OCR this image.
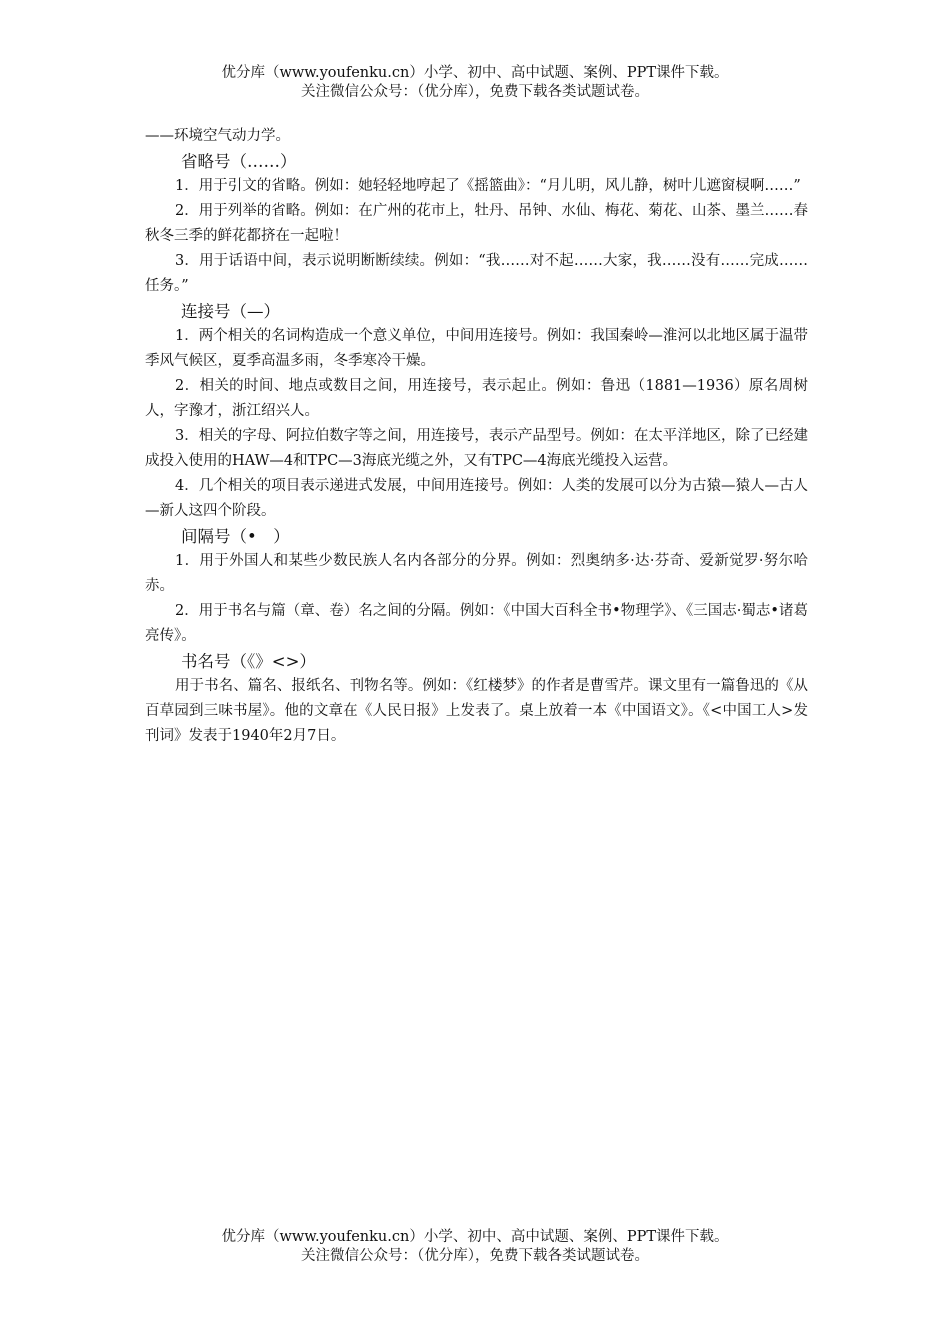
优分库（www.youfenku.cn）小学、初中、高中试题、案例、PPT课件下载。
关注微信公众号：（优分库），免费下载各类试题试卷。

——环境空气动力学。

省略号（……）

1．用于引文的省略。例如：她轻轻地哼起了《摇篮曲》：“月儿明，风儿静，树叶儿遮窗棂啊……”

2．用于列举的省略。例如：在广州的花市上，牡丹、吊钟、水仙、梅花、菊花、山茶、墨兰……春秋冬三季的鲜花都挤在一起啦！

3．用于话语中间，表示说明断断续续。例如：“我……对不起……大家，我……没有……完成……任务。”

连接号（—）

1．两个相关的名词构造成一个意义单位，中间用连接号。例如：我国秦岭—淮河以北地区属于温带季风气候区，夏季高温多雨，冬季寒冷干燥。

2．相关的时间、地点或数目之间，用连接号，表示起止。例如：鲁迅（1881—1936）原名周树人，字豫才，浙江绍兴人。

3．相关的字母、阿拉伯数字等之间，用连接号，表示产品型号。例如：在太平洋地区，除了已经建成投入使用的HAW—4和TPC—3海底光缆之外，又有TPC—4海底光缆投入运营。

4．几个相关的项目表示递进式发展，中间用连接号。例如：人类的发展可以分为古猿—猿人—古人—新人这四个阶段。

间隔号（•　）

1．用于外国人和某些少数民族人名内各部分的分界。例如：烈奥纳多·达·芬奇、爱新觉罗·努尔哈赤。

2．用于书名与篇（章、卷）名之间的分隔。例如：《中国大百科全书•物理学》、《三国志·蜀志•诸葛亮传》。

书名号（《》<>）

用于书名、篇名、报纸名、刊物名等。例如：《红楼梦》的作者是曹雪芹。课文里有一篇鲁迅的《从百草园到三味书屋》。他的文章在《人民日报》上发表了。桌上放着一本《中国语文》。《<中国工人>发刊词》发表于1940年2月7日。

优分库（www.youfenku.cn）小学、初中、高中试题、案例、PPT课件下载。
关注微信公众号：（优分库），免费下载各类试题试卷。
